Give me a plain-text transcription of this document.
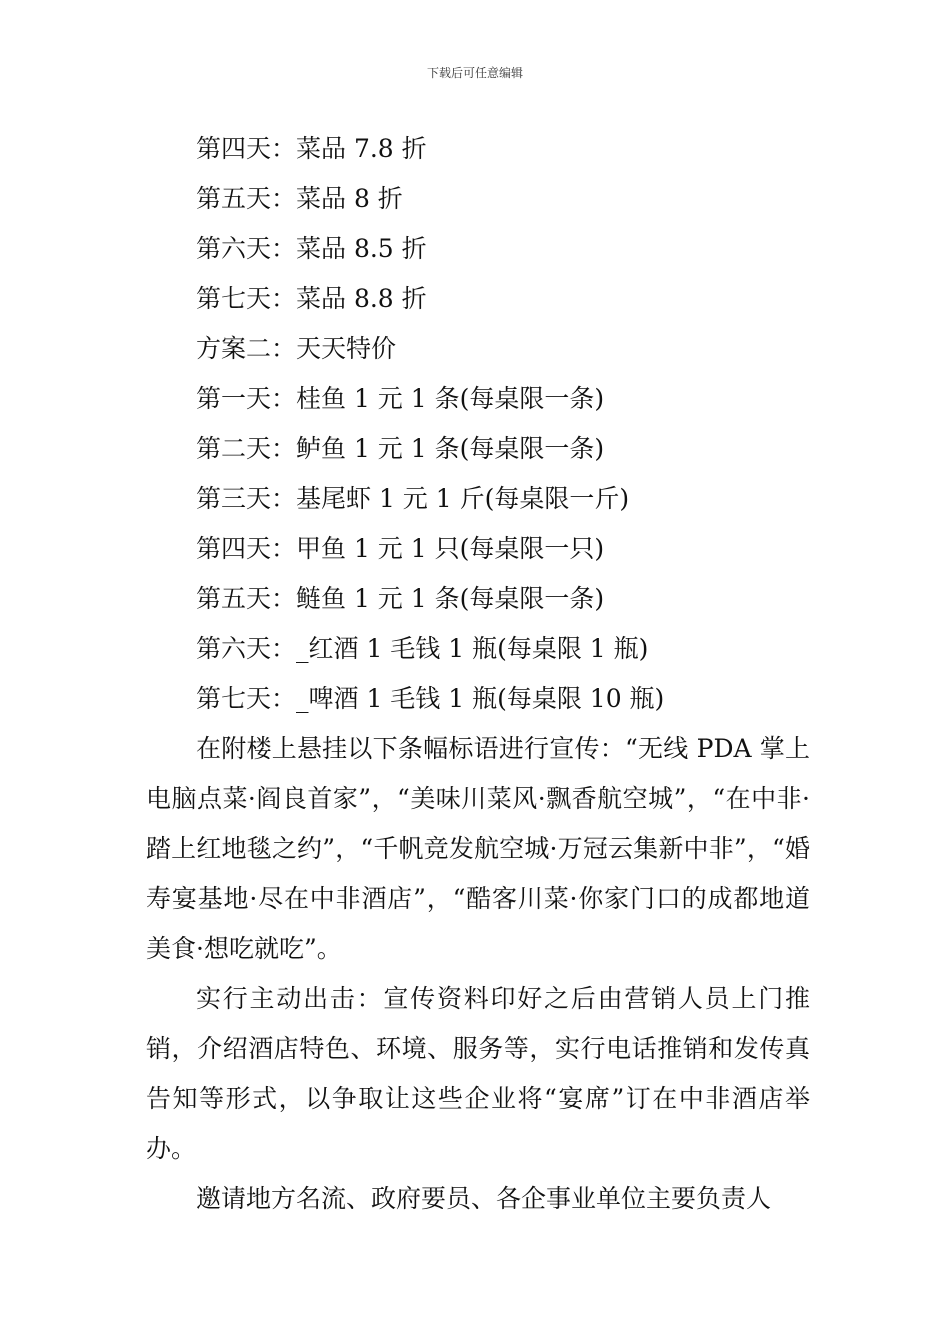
下载后可任意编辑
第四天：菜品 7.8 折
第五天：菜品 8 折
第六天：菜品 8.5 折
第七天：菜品 8.8 折
方案二：天天特价
第一天：桂鱼 1 元 1 条(每桌限一条)
第二天：鲈鱼 1 元 1 条(每桌限一条)
第三天：基尾虾 1 元 1 斤(每桌限一斤)
第四天：甲鱼 1 元 1 只(每桌限一只)
第五天：鲢鱼 1 元 1 条(每桌限一条)
第六天：_红酒 1 毛钱 1 瓶(每桌限 1 瓶)
第七天：_啤酒 1 毛钱 1 瓶(每桌限 10 瓶)

在附楼上悬挂以下条幅标语进行宣传：“无线 PDA 掌上电脑点菜·阎良首家”，“美味川菜风·飘香航空城”，“在中非·踏上红地毯之约”，“千帆竞发航空城·万冠云集新中非”，“婚寿宴基地·尽在中非酒店”，“酷客川菜·你家门口的成都地道美食·想吃就吃”。

实行主动出击：宣传资料印好之后由营销人员上门推销，介绍酒店特色、环境、服务等，实行电话推销和发传真告知等形式，以争取让这些企业将“宴席”订在中非酒店举办。

邀请地方名流、政府要员、各企事业单位主要负责人
